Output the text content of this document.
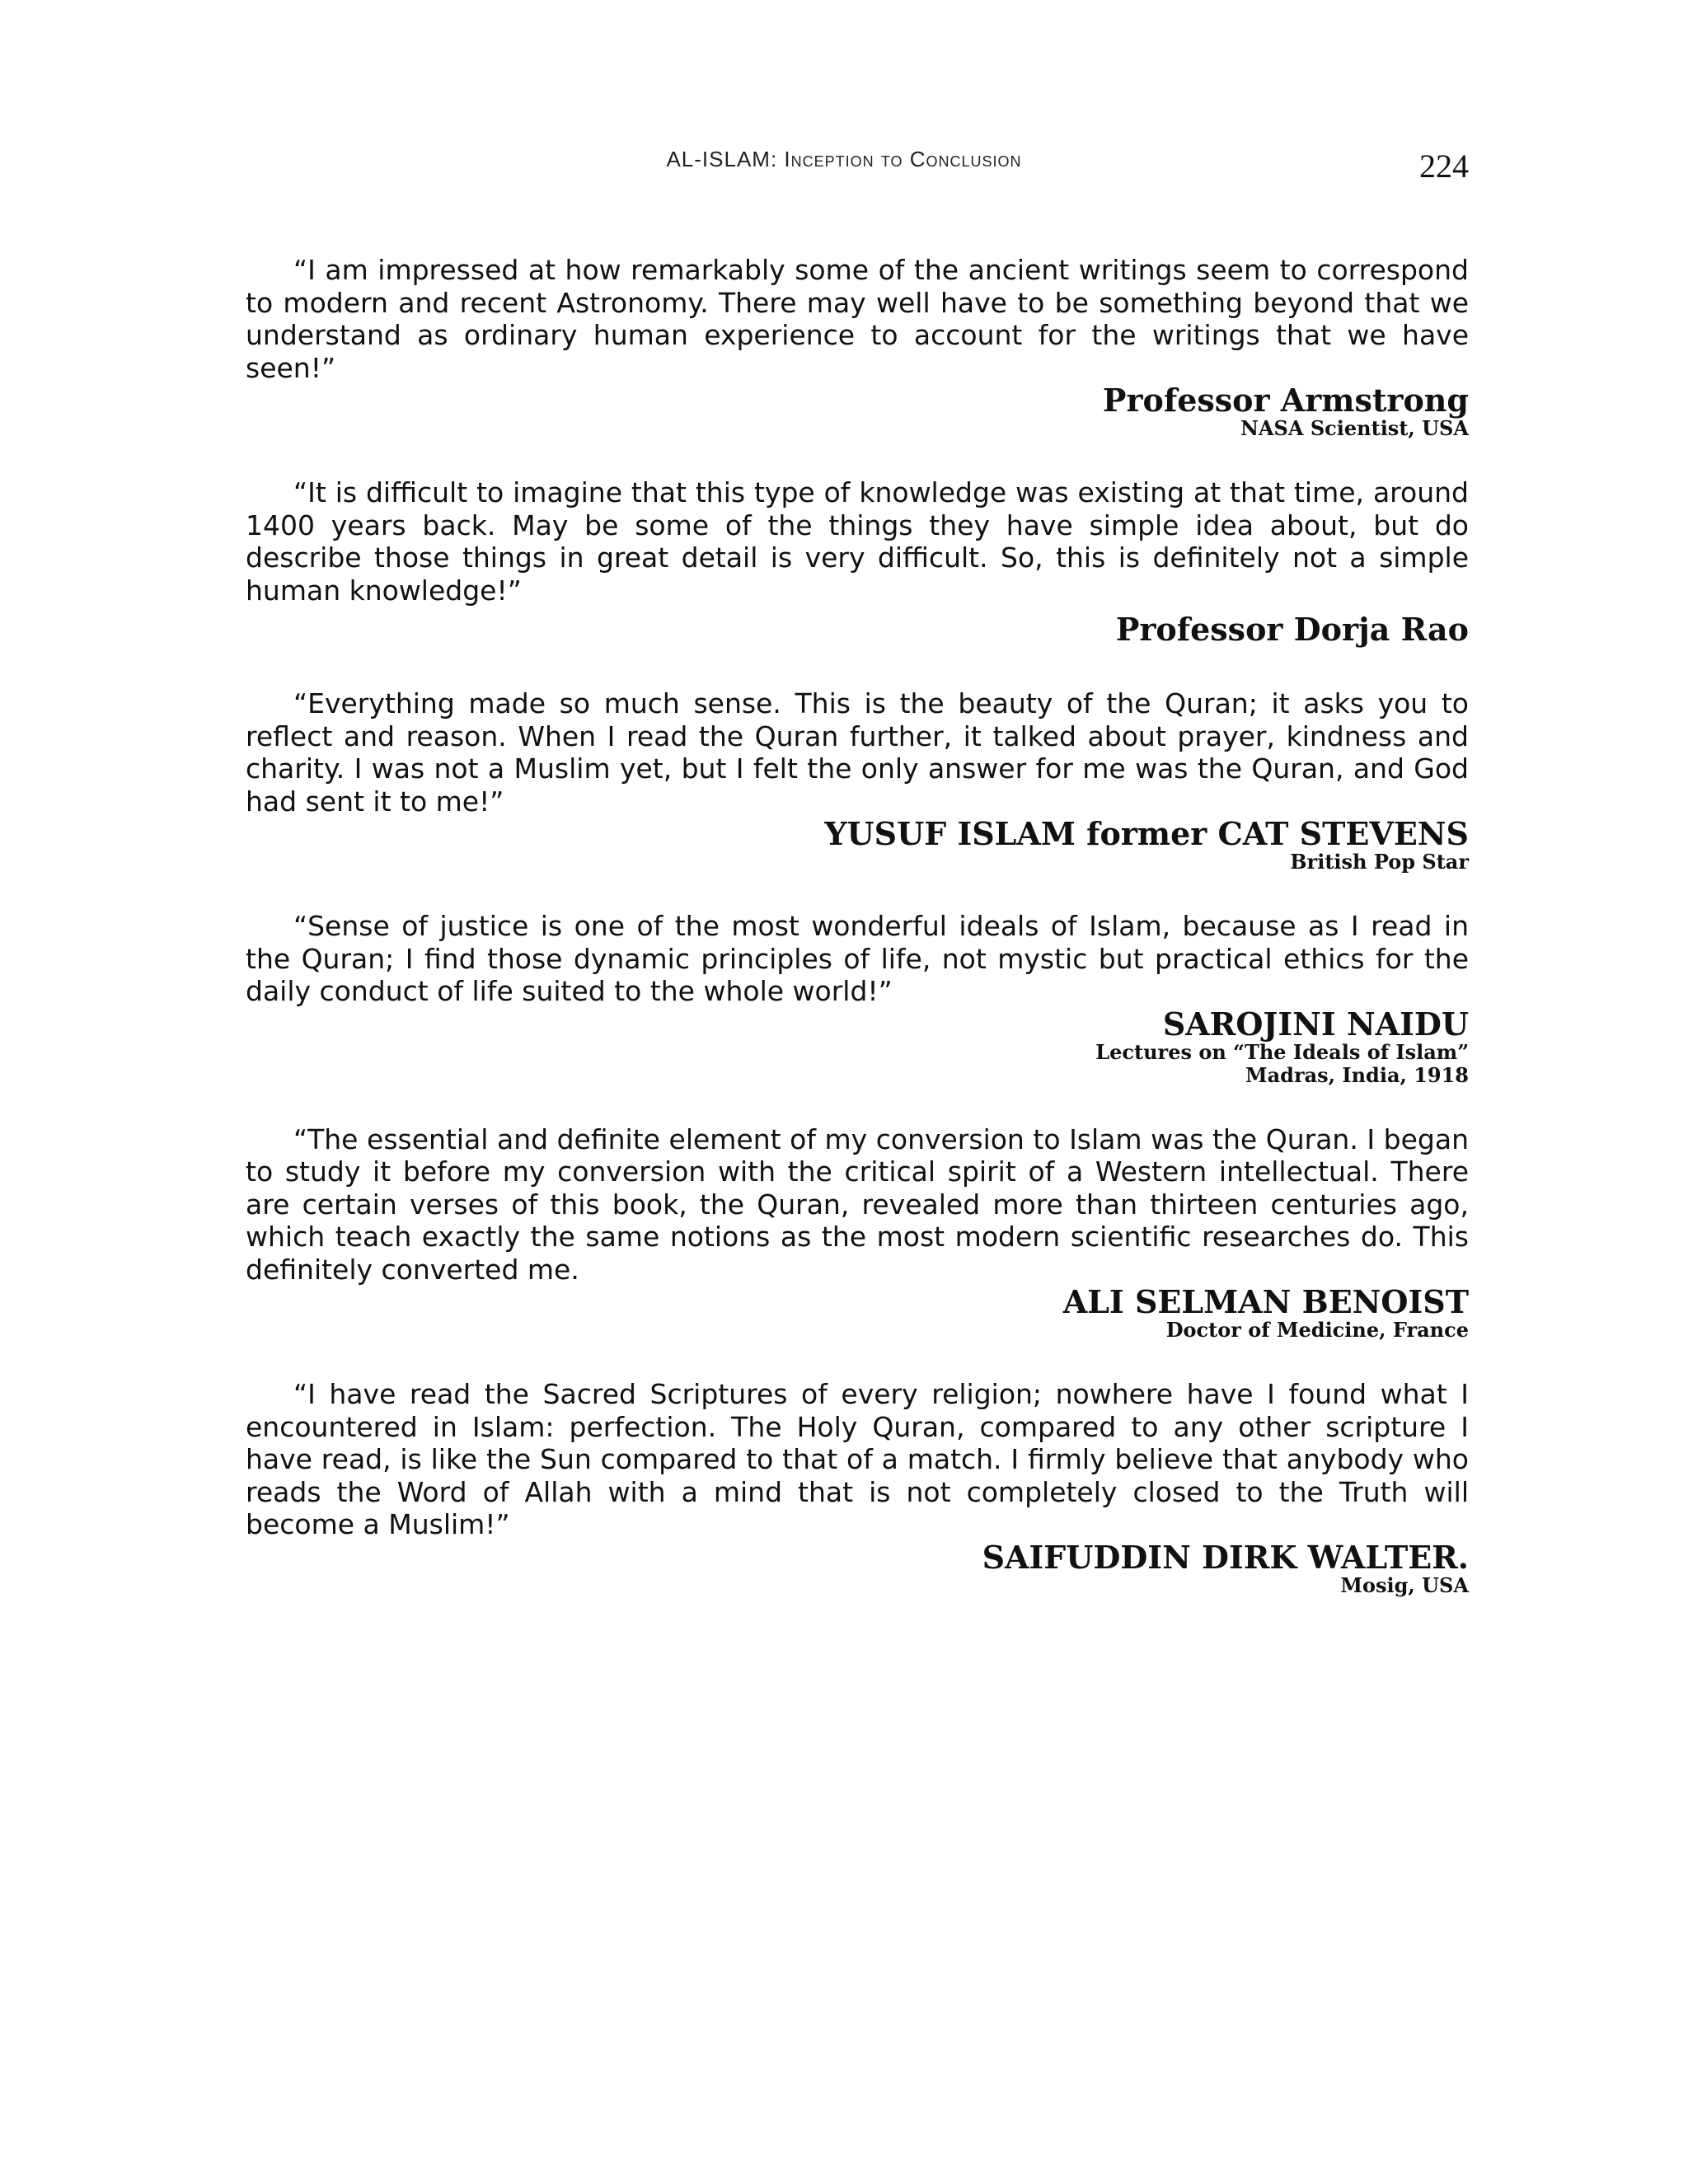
AL-ISLAM: Inception to Conclusion	224

“I am impressed at how remarkably some of the ancient writings seem to correspond to modern and recent Astronomy. There may well have to be something beyond that we understand as ordinary human experience to account for the writings that we have seen!”

Professor Armstrong

NASA Scientist, USA

“It is difficult to imagine that this type of knowledge was existing at that time, around 1400 years back. May be some of the things they have simple idea about, but do describe those things in great detail is very difficult. So, this is definitely not a simple human knowledge!”

Professor Dorja Rao

“Everything made so much sense. This is the beauty of the Quran; it asks you to reflect and reason. When I read the Quran further, it talked about prayer, kindness and charity. I was not a Muslim yet, but I felt the only answer for me was the Quran, and God had sent it to me!”

YUSUF ISLAM former CAT STEVENS

British Pop Star

“Sense of justice is one of the most wonderful ideals of Islam, because as I read in the Quran; I find those dynamic principles of life, not mystic but practical ethics for the daily conduct of life suited to the whole world!”

SAROJINI NAIDU

Lectures on “The Ideals of Islam”

Madras, India, 1918

“The essential and definite element of my conversion to Islam was the Quran. I began to study it before my conversion with the critical spirit of a Western intellectual. There are certain verses of this book, the Quran, revealed more than thirteen centuries ago, which teach exactly the same notions as the most modern scientific researches do. This definitely converted me.

ALI SELMAN BENOIST

Doctor of Medicine, France

“I have read the Sacred Scriptures of every religion; nowhere have I found what I encountered in Islam: perfection. The Holy Quran, compared to any other scripture I have read, is like the Sun compared to that of a match. I firmly believe that anybody who reads the Word of Allah with a mind that is not completely closed to the Truth will become a Muslim!”

SAIFUDDIN DIRK WALTER.

Mosig, USA
